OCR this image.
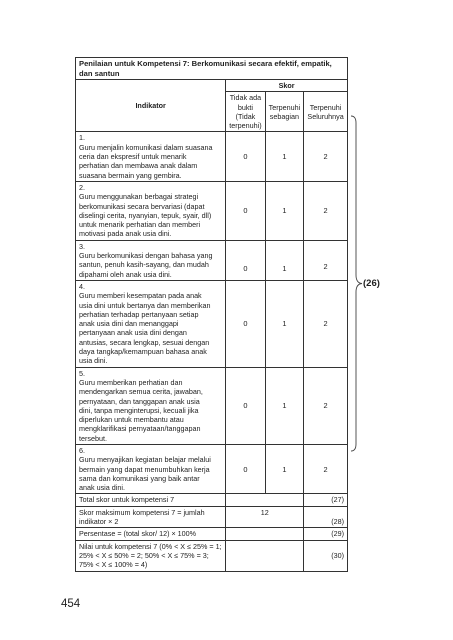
Penilaian untuk Kompetensi 7: Berkomunikasi secara efektif, empatik, dan santun			
Indikator	Skor		
	Tidak ada bukti (Tidak terpenuhi)	Terpenuhi sebagian	Terpenuhi Seluruhnya
1.Guru menjalin komunikasi dalam suasana ceria dan ekspresif untuk menarik perhatian dan membawa anak dalam suasana bermain yang gembira.	0	1	2
2.Guru menggunakan berbagai strategi berkomunikasi secara bervariasi (dapat diselingi cerita, nyanyian, tepuk, syair, dll) untuk menarik perhatian dan memberi motivasi pada anak usia dini.	0	1	2
3.Guru berkomunikasi dengan bahasa yang santun, penuh kasih-sayang, dan mudah dipahami oleh anak usia dini.	0	1	2
4.Guru memberi kesempatan pada anak usia dini untuk bertanya dan memberikan perhatian terhadap pertanyaan setiap anak usia dini dan menanggapi pertanyaan anak usia dini dengan antusias, secara lengkap, sesuai dengan daya tangkap/kemampuan bahasa anak usia dini.	0	1	2
5.Guru memberikan perhatian dan mendengarkan semua cerita, jawaban, pernyataan, dan tanggapan anak usia dini, tanpa menginterupsi, kecuali jika diperlukan untuk membantu atau mengklarifikasi pernyataan/tanggapan tersebut.	0	1	2
6.Guru menyajikan kegiatan belajar melalui bermain yang dapat menumbuhkan kerja sama dan komunikasi yang baik antar anak usia dini.	0	1	2
Total skor untuk kompetensi 7			(27)
Skor maksimum kompetensi 7 = jumlah indikator × 2	12		(28)
Persentase = (total skor/ 12) × 100%			(29)
Nilai untuk kompetensi 7 (0% < X ≤ 25% = 1; 25% < X ≤ 50% = 2; 50% < X ≤ 75% = 3; 75% < X ≤ 100% = 4)			(30)
(26)
454
